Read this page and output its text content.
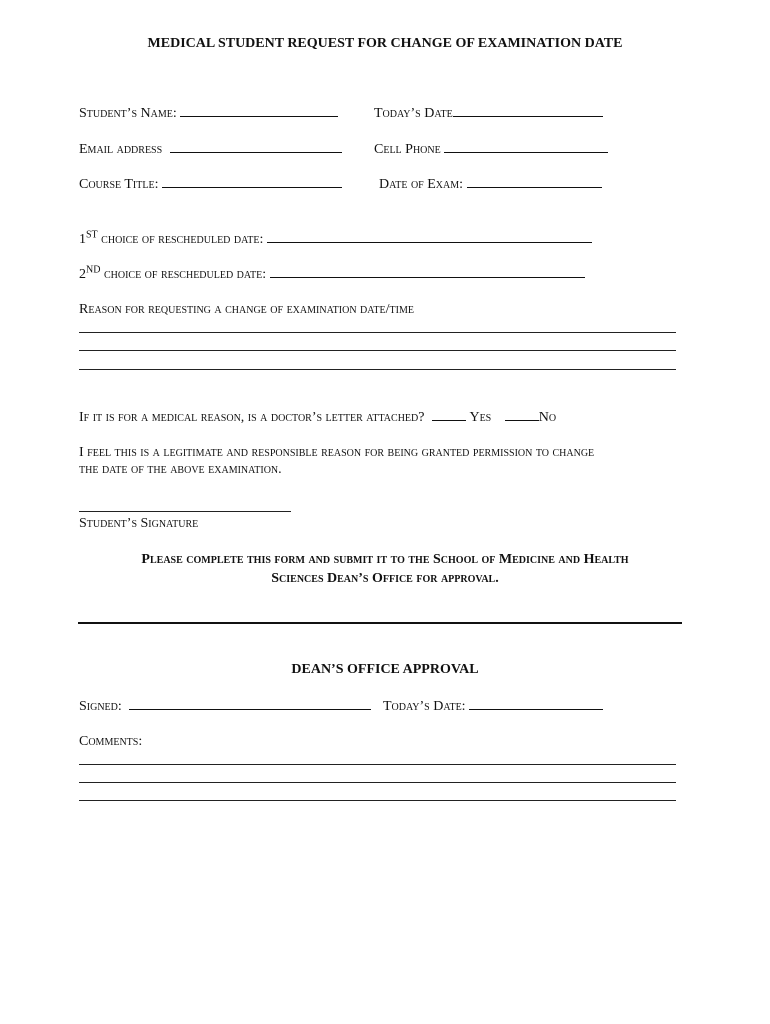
MEDICAL STUDENT REQUEST FOR CHANGE OF EXAMINATION DATE
Student’s Name:	Today’s Date
Email address	Cell Phone
Course Title:	Date of Exam:
1st choice of rescheduled date:
2nd choice of rescheduled date:
Reason for requesting a change of examination date/time
If it is for a medical reason, is a doctor’s letter attached?	Yes	No
I feel this is a legitimate and responsible reason for being granted permission to change
the date of the above examination.
Student’s Signature
Please complete this form and submit it to the School of Medicine and Health
Sciences Dean’s Office for approval.
DEAN’S OFFICE APPROVAL
Signed:	Today’s Date:
Comments:
